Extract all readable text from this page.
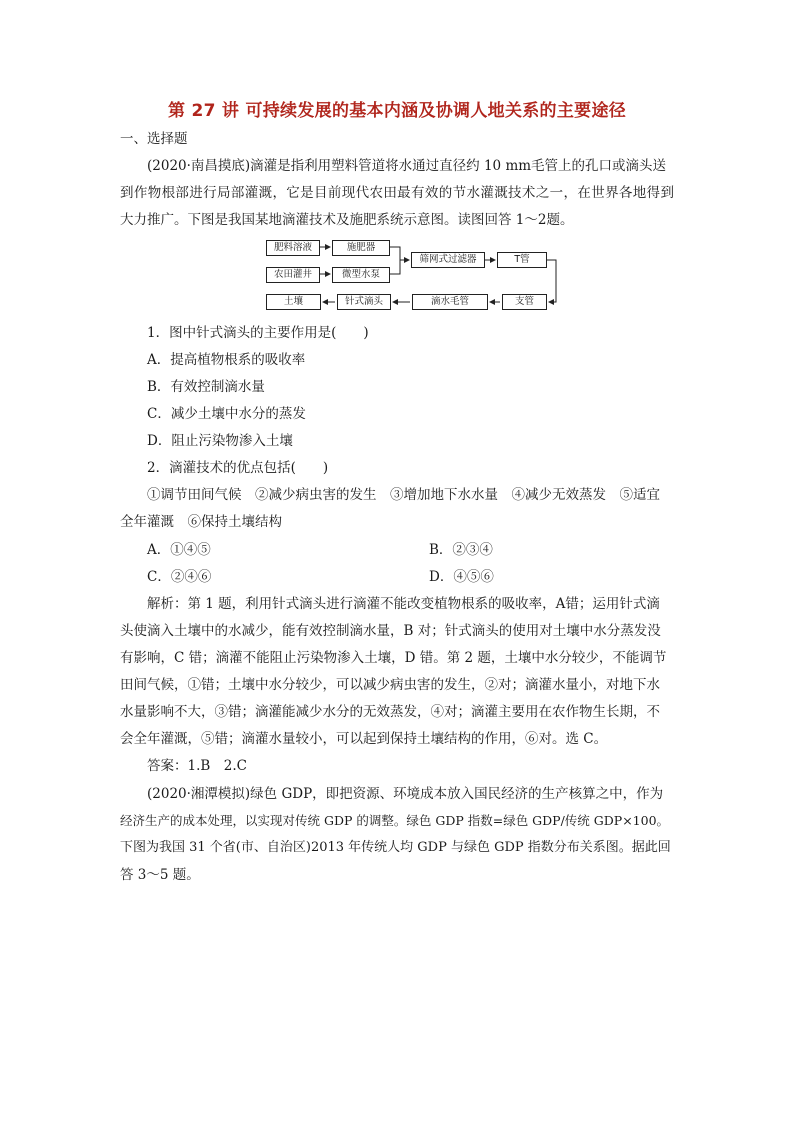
第 27 讲 可持续发展的基本内涵及协调人地关系的主要途径
一、选择题
(2020·南昌摸底)滴灌是指利用塑料管道将水通过直径约 10 mm毛管上的孔口或滴头送
到作物根部进行局部灌溉，它是目前现代农田最有效的节水灌溉技术之一，在世界各地得到
大力推广。下图是我国某地滴灌技术及施肥系统示意图。读图回答 1～2题。
肥料溶液	施肥器
农田灌井	微型水泵
筛网式过滤器	T管
土壤	针式滴头	滴水毛管	支管
1．图中针式滴头的主要作用是(　　)
A．提高植物根系的吸收率
B．有效控制滴水量
C．减少土壤中水分的蒸发
D．阻止污染物渗入土壤
2．滴灌技术的优点包括(　　)
①调节田间气候　②减少病虫害的发生　③增加地下水水量　④减少无效蒸发　⑤适宜
全年灌溉　⑥保持土壤结构
A．①④⑤	B．②③④
C．②④⑥	D．④⑤⑥
解析：第 1 题，利用针式滴头进行滴灌不能改变植物根系的吸收率，A错；运用针式滴
头使滴入土壤中的水减少，能有效控制滴水量，B 对；针式滴头的使用对土壤中水分蒸发没
有影响，C 错；滴灌不能阻止污染物渗入土壤，D 错。第 2 题，土壤中水分较少，不能调节
田间气候，①错；土壤中水分较少，可以减少病虫害的发生，②对；滴灌水量小，对地下水
水量影响不大，③错；滴灌能减少水分的无效蒸发，④对；滴灌主要用在农作物生长期，不
会全年灌溉，⑤错；滴灌水量较小，可以起到保持土壤结构的作用，⑥对。选 C。
答案：1.B　2.C
(2020·湘潭模拟)绿色 GDP，即把资源、环境成本放入国民经济的生产核算之中，作为
经济生产的成本处理，以实现对传统 GDP 的调整。绿色 GDP 指数=绿色 GDP/传统 GDP×100。
下图为我国 31 个省(市、自治区)2013 年传统人均 GDP 与绿色 GDP 指数分布关系图。据此回
答 3～5 题。
